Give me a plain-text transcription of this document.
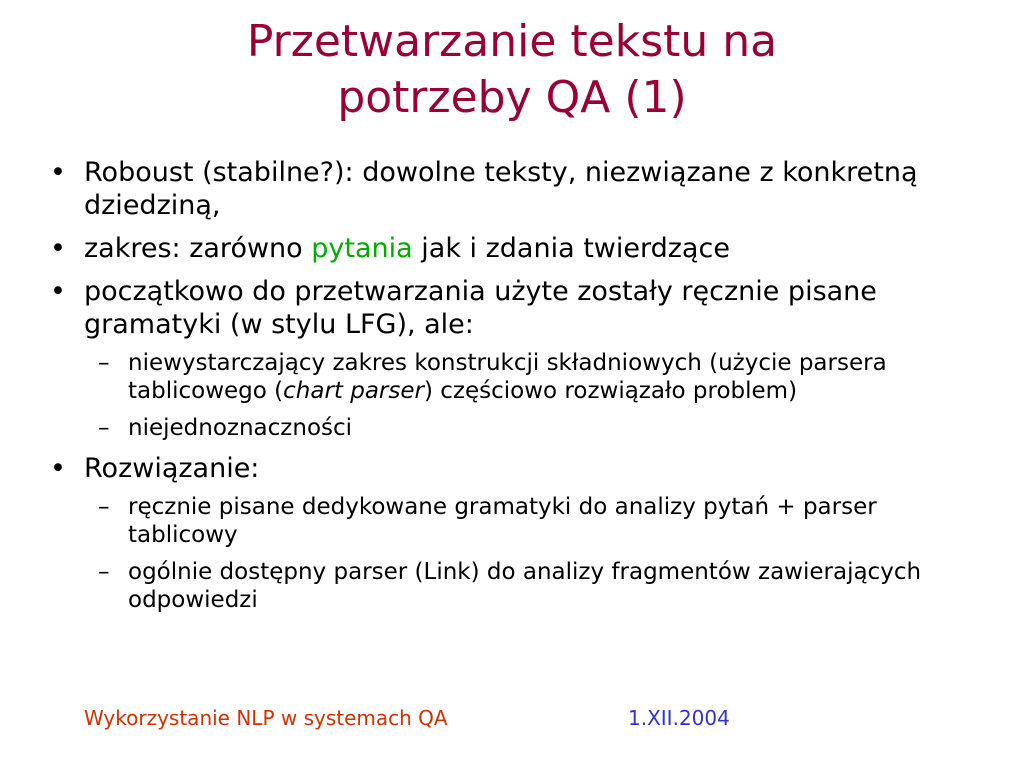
Przetwarzanie tekstu na
potrzeby QA (1)
• Roboust (stabilne?): dowolne teksty, niezwiązane z konkretną dziedziną,
• zakres: zarówno pytania jak i zdania twierdzące
• początkowo do przetwarzania użyte zostały ręcznie pisane gramatyki (w stylu LFG), ale:
– niewystarczający zakres konstrukcji składniowych (użycie parsera tablicowego (chart parser) częściowo rozwiązało problem)
– niejednoznaczności
• Rozwiązanie:
– ręcznie pisane dedykowane gramatyki do analizy pytań + parser tablicowy
– ogólnie dostępny parser (Link) do analizy fragmentów zawierających odpowiedzi
Wykorzystanie NLP w systemach QA	1.XII.2004
